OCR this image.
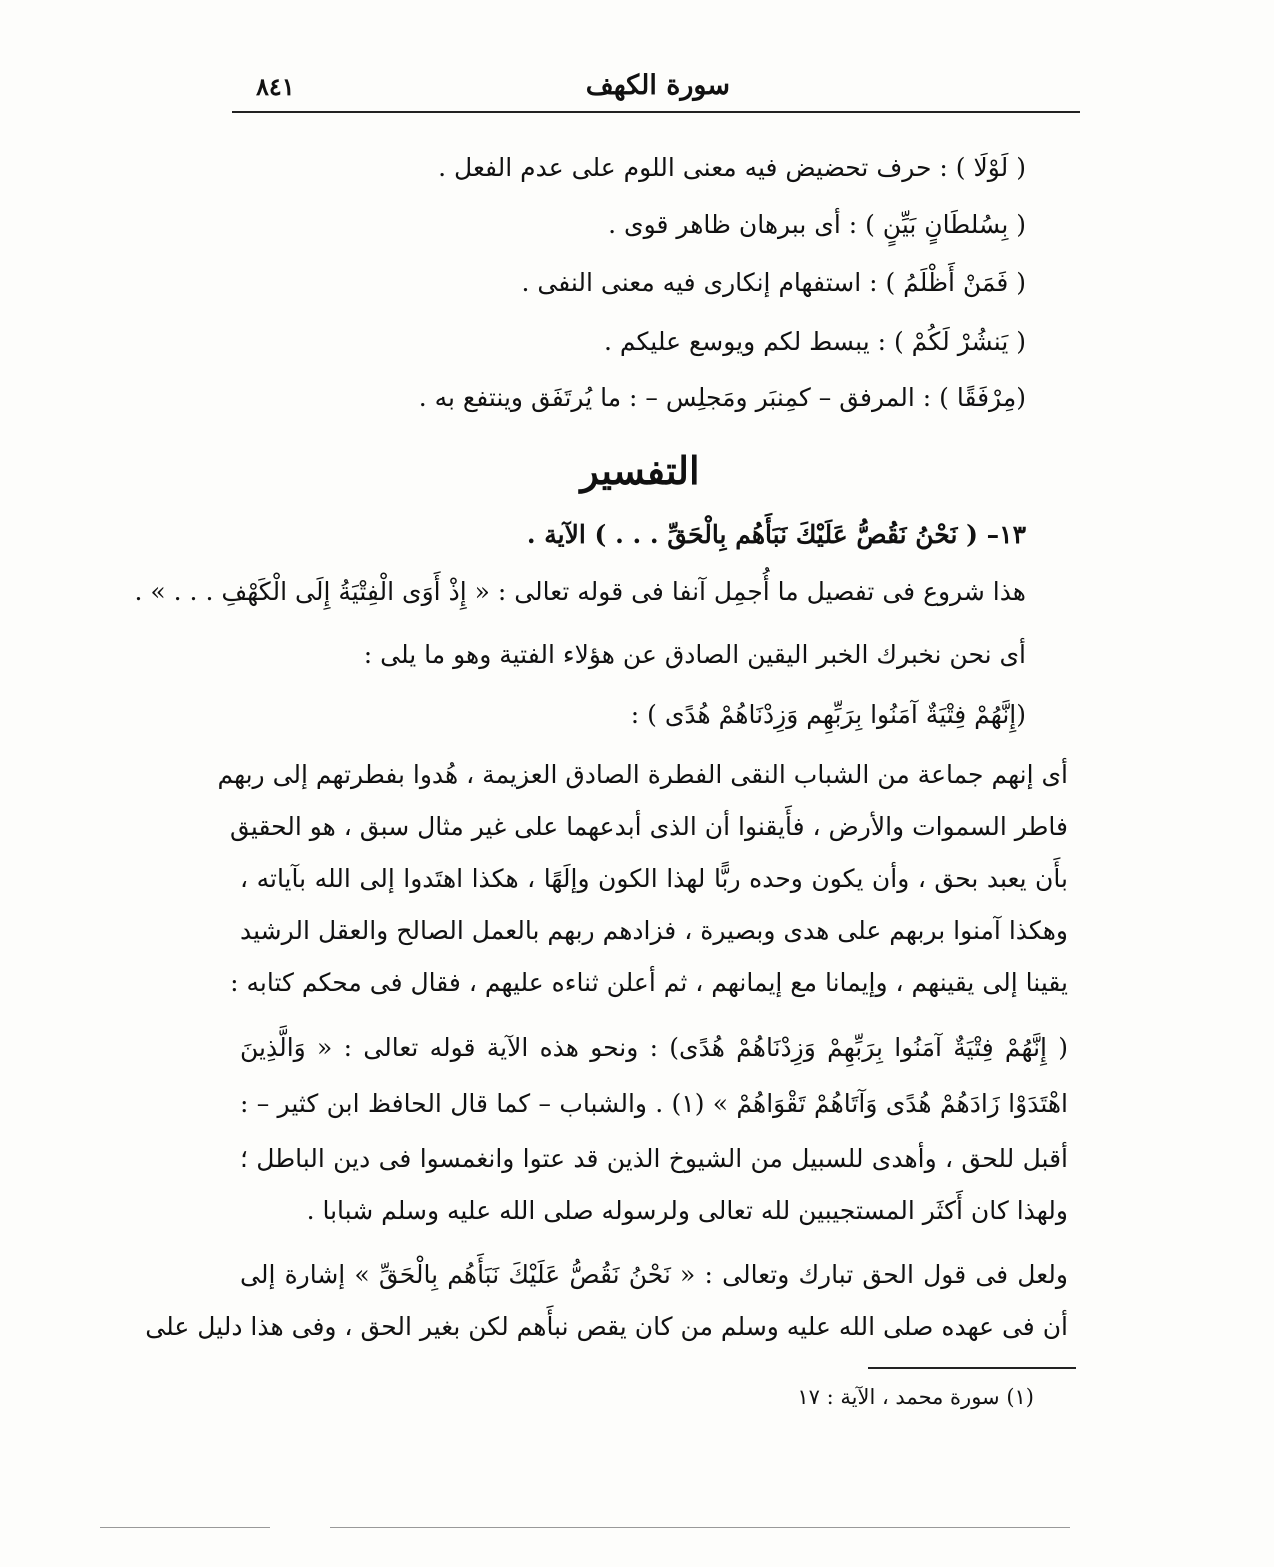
سورة الكهف
٨٤١
( لَوْلَا ) : حرف تحضيض فيه معنى اللوم على عدم الفعل .
( بِسُلطَانٍ بَيِّنٍ ) : أى ببرهان ظاهر قوى .
( فَمَنْ أَظْلَمُ ) : استفهام إنكارى فيه معنى النفى .
( يَنشُرْ لَكُمْ ) : يبسط لكم ويوسع عليكم .
(مِرْفَقًا ) : المرفق – كمِنبَر ومَجلِس – : ما يُرتَفَق وينتفع به .
التفسير
١٣– ( نَحْنُ نَقُصُّ عَلَيْكَ نَبَأَهُم بِالْحَقِّ . . . ) الآية .
هذا شروع فى تفصيل ما أُجمِل آنفا فى قوله تعالى : « إِذْ أَوَى الْفِتْيَةُ إِلَى الْكَهْفِ . . . » .
أى نحن نخبرك الخبر اليقين الصادق عن هؤلاء الفتية وهو ما يلى :
(إِنَّهُمْ فِتْيَةٌ آمَنُوا بِرَبِّهِم وَزِدْنَاهُمْ هُدًى ) :
أى إنهم جماعة من الشباب النقى الفطرة الصادق العزيمة ، هُدوا بفطرتهم إلى ربهم
فاطر السموات والأرض ، فأَيقنوا أن الذى أبدعهما على غير مثال سبق ، هو الحقيق
بأَن يعبد بحق ، وأن يكون وحده ربًّا لهذا الكون وإلَهًا ، هكذا اهتَدوا إلى الله بآياته ،
وهكذا آمنوا بربهم على هدى وبصيرة ، فزادهم ربهم بالعمل الصالح والعقل الرشيد
يقينا إلى يقينهم ، وإيمانا مع إيمانهم ، ثم أعلن ثناءه عليهم ، فقال فى محكم كتابه :
( إِنَّهُمْ فِتْيَةٌ آمَنُوا بِرَبِّهِمْ وَزِدْنَاهُمْ هُدًى) : ونحو هذه الآية قوله تعالى : « وَالَّذِينَ
اهْتَدَوْا زَادَهُمْ هُدًى وَآتَاهُمْ تَقْوَاهُمْ » (١) . والشباب – كما قال الحافظ ابن كثير – :
أقبل للحق ، وأهدى للسبيل من الشيوخ الذين قد عتوا وانغمسوا فى دين الباطل ؛
ولهذا كان أَكثَر المستجيبين لله تعالى ولرسوله صلى الله عليه وسلم شبابا .
ولعل فى قول الحق تبارك وتعالى : « نَحْنُ نَقُصُّ عَلَيْكَ نَبَأَهُم بِالْحَقِّ » إشارة إلى
أن فى عهده صلى الله عليه وسلم من كان يقص نبأَهم لكن بغير الحق ، وفى هذا دليل على
(١) سورة محمد ، الآية : ١٧
